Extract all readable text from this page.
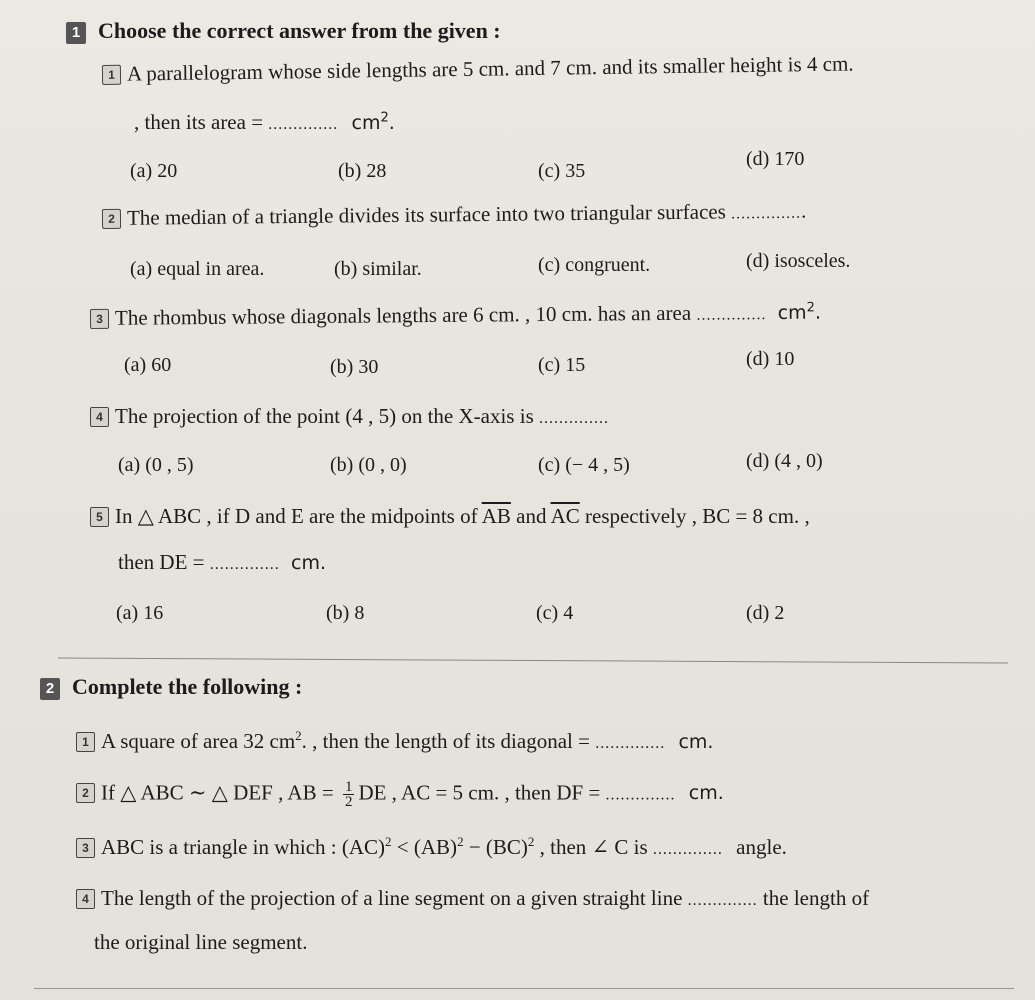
1 Choose the correct answer from the given :
1 A parallelogram whose side lengths are 5 cm. and 7 cm. and its smaller height is 4 cm.
, then its area = .............. $cm^2$.
(a) 20	(b) 28	(c) 35
(d) 170
2 The median of a triangle divides its surface into two triangular surfaces ...............
(a) equal in area.	(b) similar.	(c) congruent.	(d) isosceles.
3 The rhombus whose diagonals lengths are 6 cm. , 10 cm. has an area .............. $cm^2$.
(a) 60	(b) 30	(c) 15	(d) 10
4 The projection of the point (4 , 5) on the X-axis is ..............
(a) (0 , 5)	(b) (0 , 0)	(c) (− 4 , 5)	(d) (4 , 0)
5 In △ ABC , if D and E are the midpoints of $\overline{AB}$ and $\overline{AC}$ respectively , BC = 8 cm. ,
then DE = .............. cm.
(a) 16	(b) 8	(c) 4	(d) 2
2 Complete the following :
1 A square of area 32 $cm^2$. , then the length of its diagonal = .............. cm.
2 If △ ABC ∼ △ DEF , AB = $\frac{1}{2}$ DE , AC = 5 cm. , then DF = .............. cm.
3 ABC is a triangle in which : (AC)$^2$ < (AB)$^2$ − (BC)$^2$ , then ∠ C is .............. angle.
4 The length of the projection of a line segment on a given straight line .............. the length of
the original line segment.
